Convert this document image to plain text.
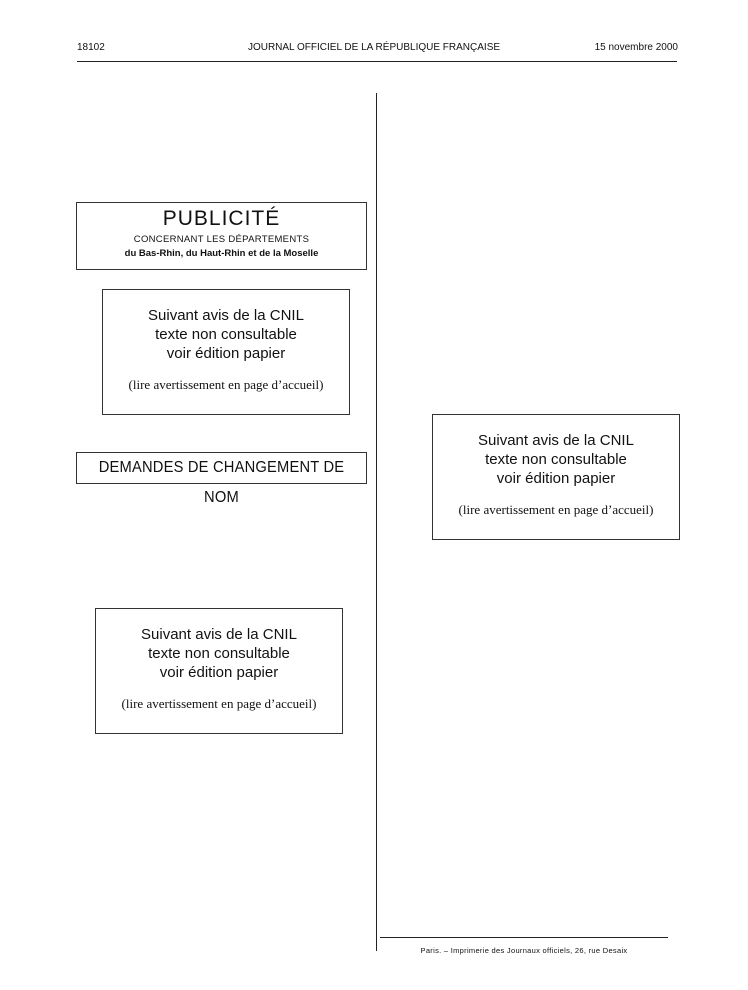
18102	JOURNAL OFFICIEL DE LA RÉPUBLIQUE FRANÇAISE	15 novembre 2000
PUBLICITÉ
CONCERNANT LES DÉPARTEMENTS
du Bas-Rhin, du Haut-Rhin et de la Moselle
Suivant avis de la CNIL
texte non consultable
voir édition papier
(lire avertissement en page d’accueil)
DEMANDES DE CHANGEMENT DE NOM
Suivant avis de la CNIL
texte non consultable
voir édition papier
(lire avertissement en page d’accueil)
Suivant avis de la CNIL
texte non consultable
voir édition papier
(lire avertissement en page d’accueil)
Paris. – Imprimerie des Journaux officiels, 26, rue Desaix
